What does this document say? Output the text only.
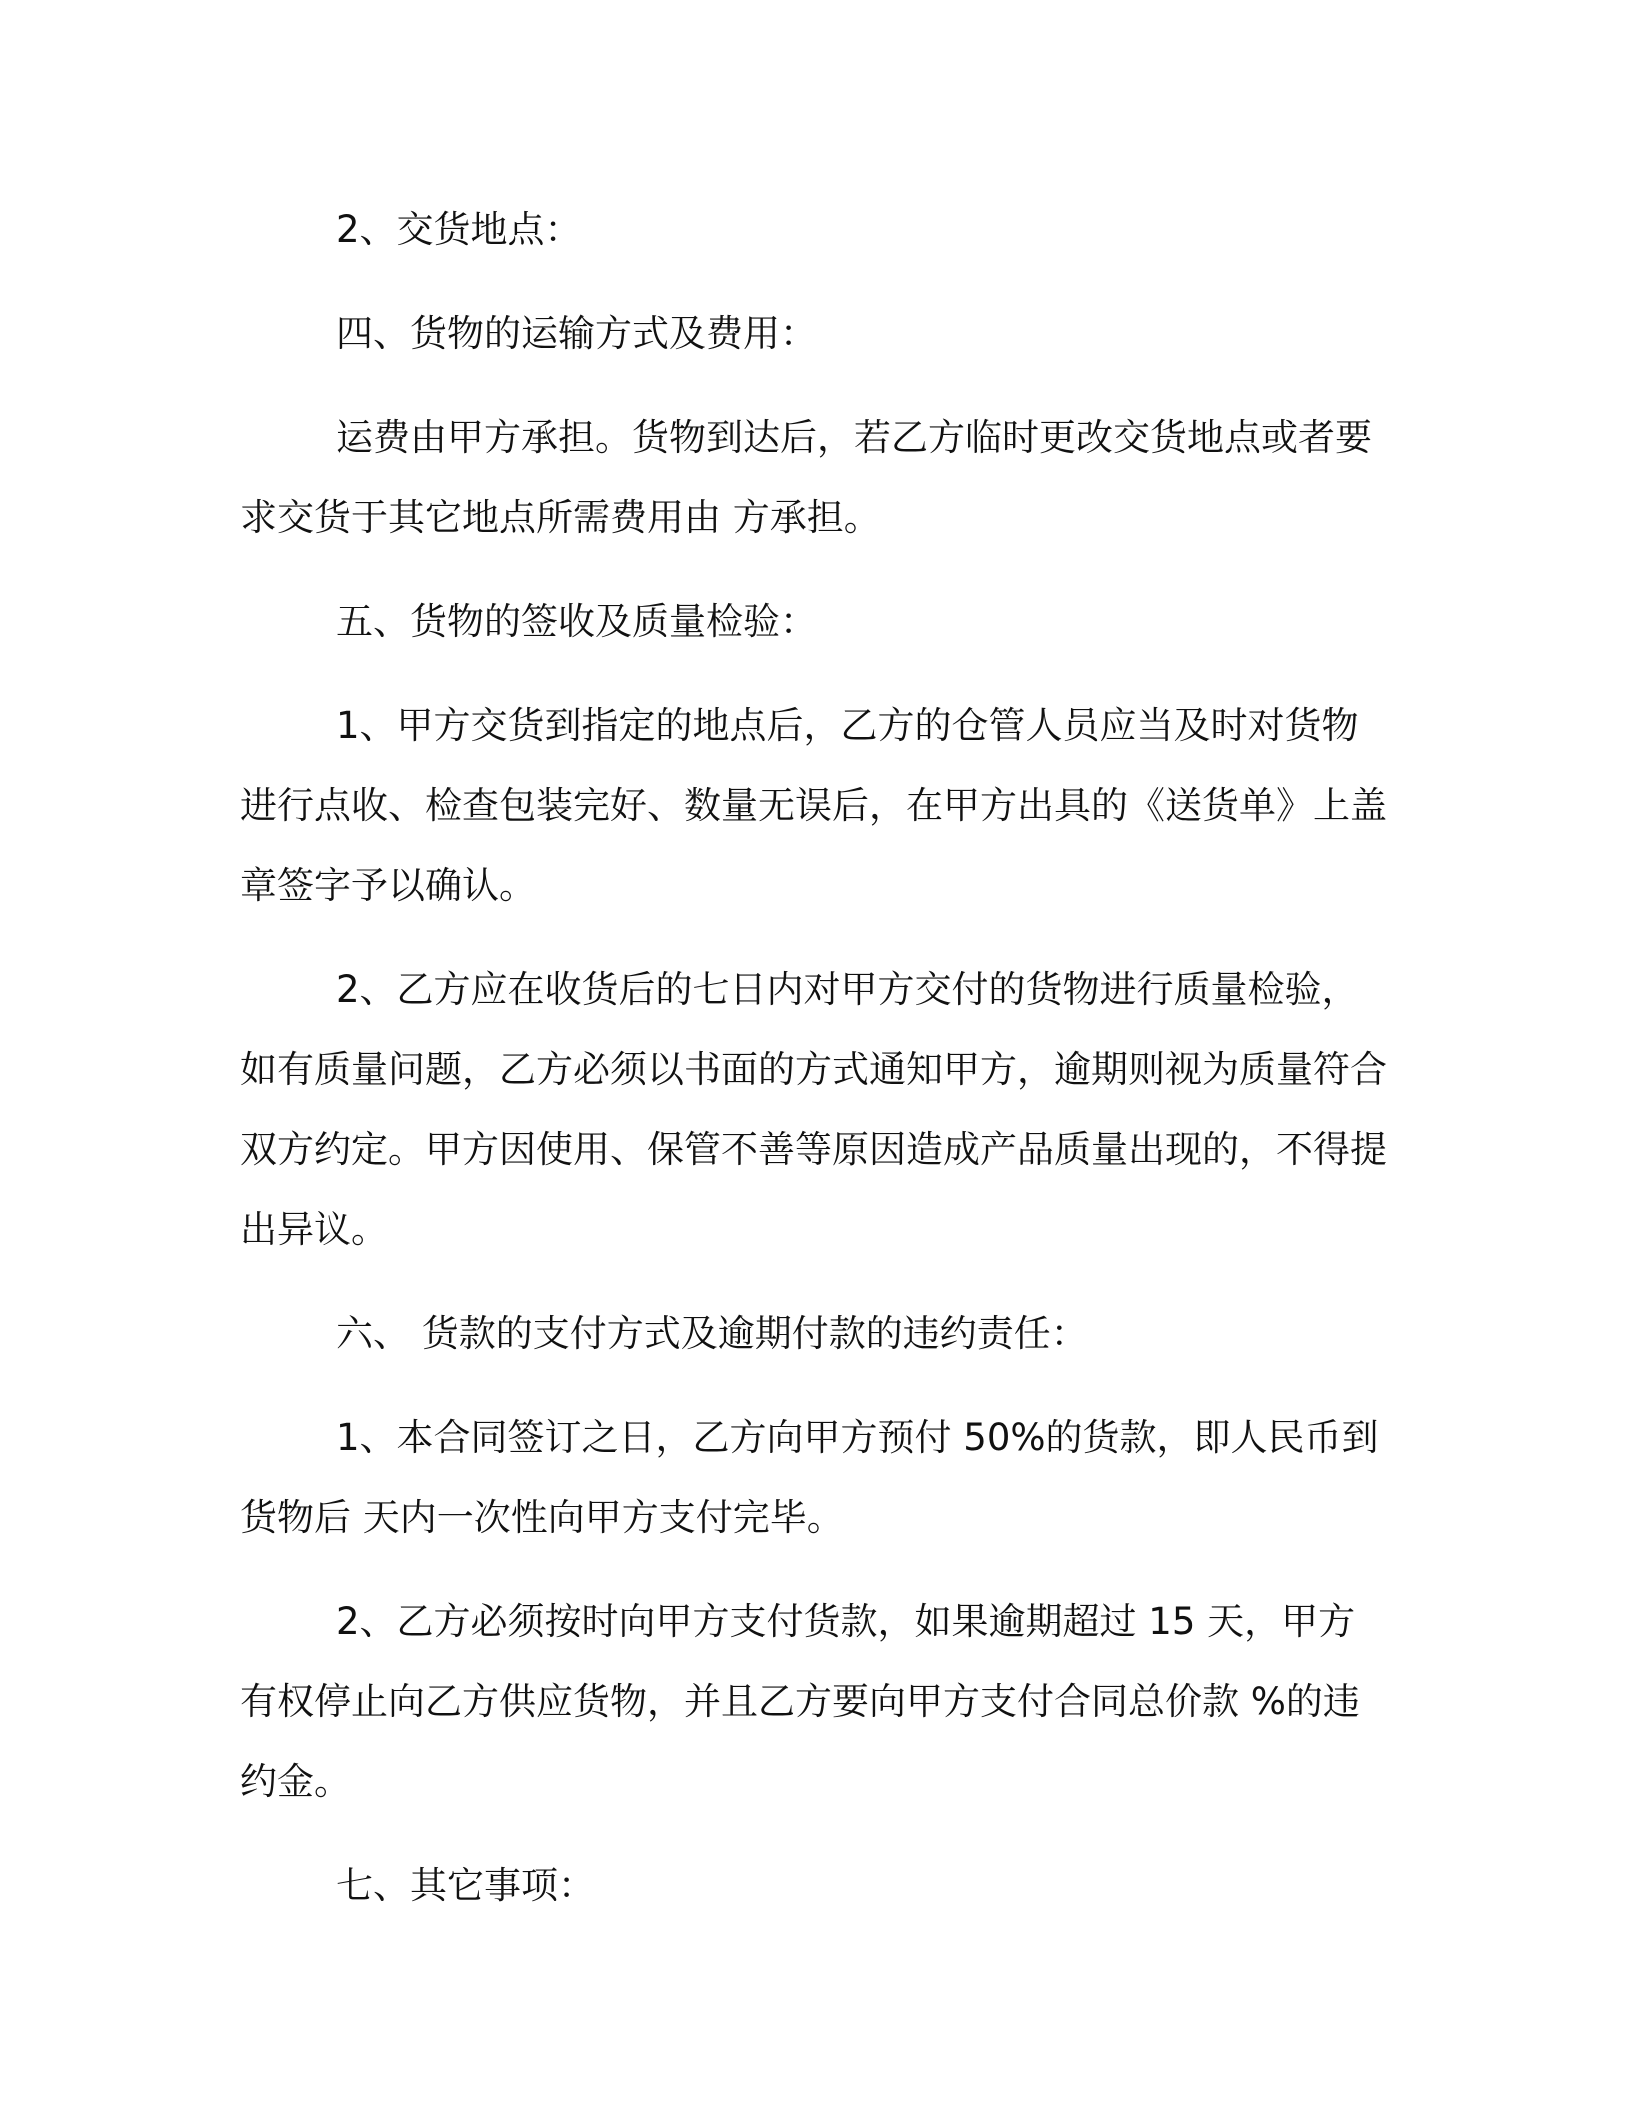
2、交货地点：

四、货物的运输方式及费用：

运费由甲方承担。货物到达后，若乙方临时更改交货地点或者要求交货于其它地点所需费用由 方承担。

五、货物的签收及质量检验：

1、甲方交货到指定的地点后，乙方的仓管人员应当及时对货物进行点收、检查包装完好、数量无误后，在甲方出具的《送货单》上盖章签字予以确认。

2、乙方应在收货后的七日内对甲方交付的货物进行质量检验，如有质量问题，乙方必须以书面的方式通知甲方，逾期则视为质量符合双方约定。甲方因使用、保管不善等原因造成产品质量出现的，不得提出异议。

六、 货款的支付方式及逾期付款的违约责任：

1、本合同签订之日，乙方向甲方预付 50%的货款，即人民币到货物后 天内一次性向甲方支付完毕。

2、乙方必须按时向甲方支付货款，如果逾期超过 15 天，甲方有权停止向乙方供应货物，并且乙方要向甲方支付合同总价款 %的违约金。

七、其它事项：
